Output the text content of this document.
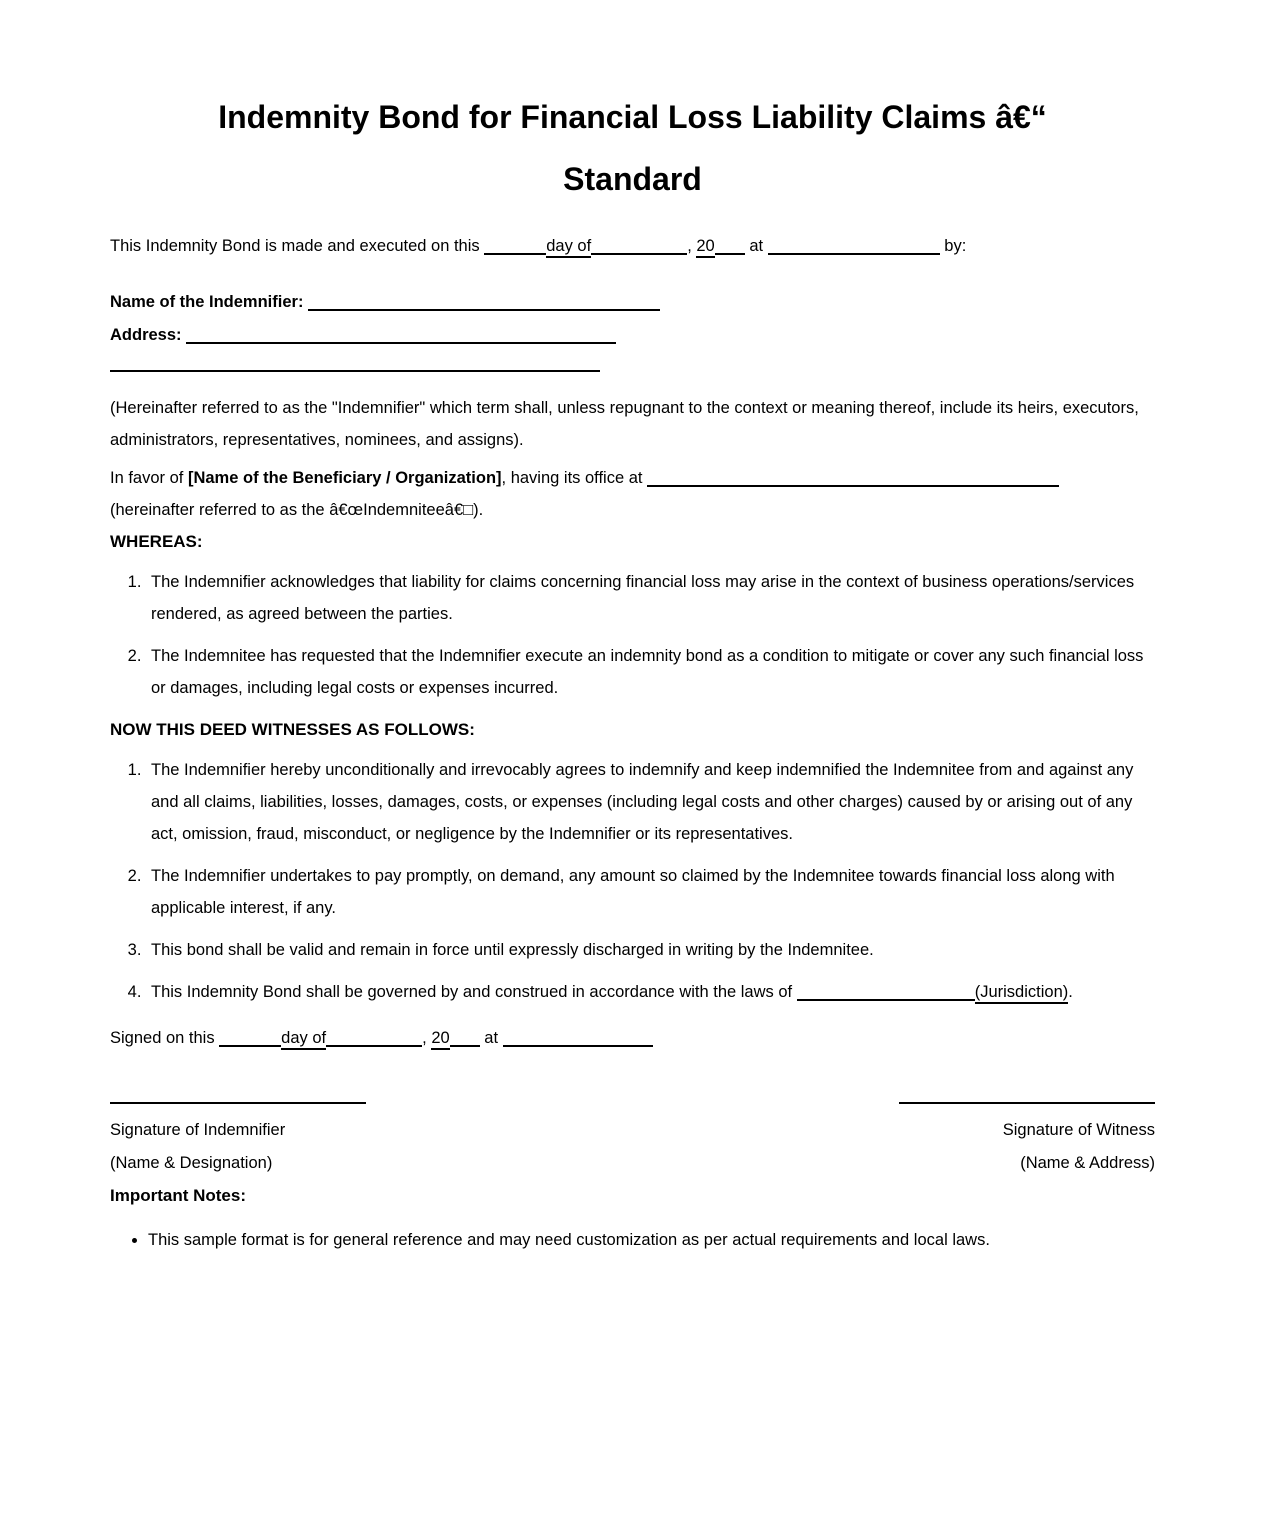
Indemnity Bond for Financial Loss Liability Claims â€“
Standard

This Indemnity Bond is made and executed on this	day of	, 20 at	by:

Name of the Indemnifier:

Address:

(Hereinafter referred to as the "Indemnifier" which term shall, unless repugnant to the context or meaning thereof, include its heirs, executors, administrators, representatives, nominees, and assigns).

In favor of [Name of the Beneficiary / Organization], having its office at
(hereinafter referred to as the â€œIndemniteeâ€□).

WHEREAS:
1. The Indemnifier acknowledges that liability for claims concerning financial loss may arise in the context of business operations/services rendered, as agreed between the parties.
2. The Indemnitee has requested that the Indemnifier execute an indemnity bond as a condition to mitigate or cover any such financial loss or damages, including legal costs or expenses incurred.
NOW THIS DEED WITNESSES AS FOLLOWS:
1. The Indemnifier hereby unconditionally and irrevocably agrees to indemnify and keep indemnified the Indemnitee from and against any and all claims, liabilities, losses, damages, costs, or expenses (including legal costs and other charges) caused by or arising out of any act, omission, fraud, misconduct, or negligence by the Indemnifier or its representatives.
2. The Indemnifier undertakes to pay promptly, on demand, any amount so claimed by the Indemnitee towards financial loss along with applicable interest, if any.
3. This bond shall be valid and remain in force until expressly discharged in writing by the Indemnitee.
4. This Indemnity Bond shall be governed by and construed in accordance with the laws of	(Jurisdiction).

Signed on this	day of	, 20 at

Signature of Indemnifier
(Name & Designation)
Signature of Witness
(Name & Address)
Important Notes:
• This sample format is for general reference and may need customization as per actual requirements and local laws.
